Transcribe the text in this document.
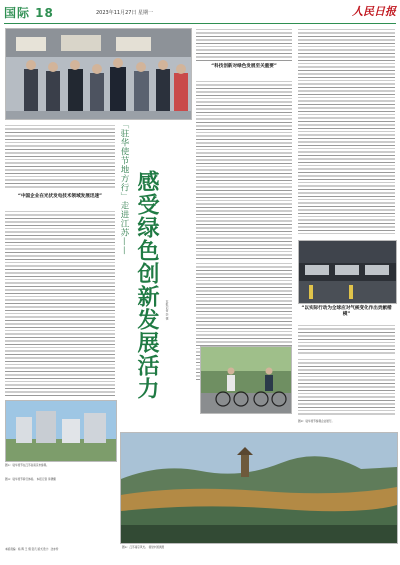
国际 18	2023年11月27日 星期一	人民日报
“科技创新对绿色发展至关重要”
“中国企业在光伏发电技术领域发展迅速”	「驻华使节地方行」走进江苏—— 感受绿色创新发展活力	本报记者 李 捷	“以实际行动为全球应对气候变化作出贡献楷模”
图②：驻华使节参观企业展厅。
图①：驻华使节在江苏省南京市参观。
图④：江苏南京风光。 视觉中国供图
图③：驻华使节骑行体验。 本报记者 李捷摄
本版责编：杨 晖 王 翔 张凡 版式设计：沈亦伶
